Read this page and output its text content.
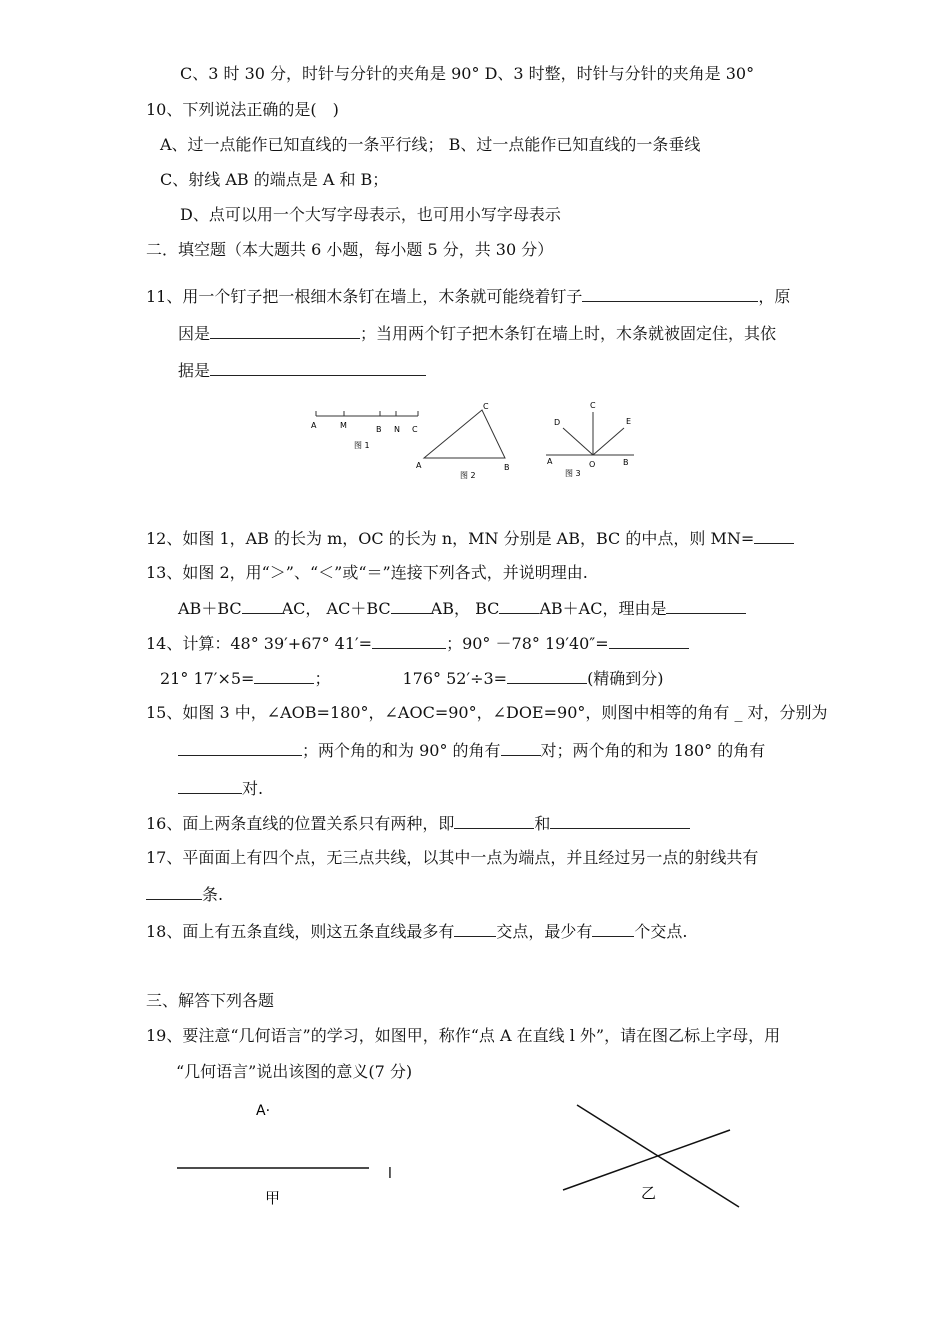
C、3 时 30 分，时针与分针的夹角是 90° D、3 时整，时针与分针的夹角是 30°
10、下列说法正确的是(　)
A、过一点能作已知直线的一条平行线； B、过一点能作已知直线的一条垂线
C、射线 AB 的端点是 A 和 B；
D、点可以用一个大写字母表示，也可用小写字母表示
二．填空题（本大题共 6 小题，每小题 5 分，共 30 分）
11、用一个钉子把一根细木条钉在墙上，木条就可能绕着钉子	，原
因是	；当用两个钉子把木条钉在墙上时，木条就被固定住，其依
据是
A	M	B N C
图 1
A	B
C
图 2
A	O	B
C
D	E
图 3
12、如图 1，AB 的长为 m，OC 的长为 n，MN 分别是 AB，BC 的中点，则 MN=
13、如图 2，用“＞”、“＜”或“＝”连接下列各式，并说明理由.
AB＋BC	AC， AC＋BC	AB， BC	AB＋AC，理由是
14、计算：48° 39′+67° 41′=	；90° －78° 19′40″=
21° 17′×5=	；	176° 52′÷3=	(精确到分)
15、如图 3 中，∠AOB=180°，∠AOC=90°，∠DOE=90°，则图中相等的角有 _ 对，分别为
；两个角的和为 90° 的角有	对；两个角的和为 180° 的角有
对.
16、面上两条直线的位置关系只有两种，即	和
17、平面面上有四个点，无三点共线，以其中一点为端点，并且经过另一点的射线共有
条.
18、面上有五条直线，则这五条直线最多有	交点，最少有	个交点.
三、解答下列各题
19、要注意“几何语言”的学习，如图甲，称作“点 A 在直线 l 外”，请在图乙标上字母，用
“几何语言”说出该图的意义(7 分)
A·
l
甲	乙
